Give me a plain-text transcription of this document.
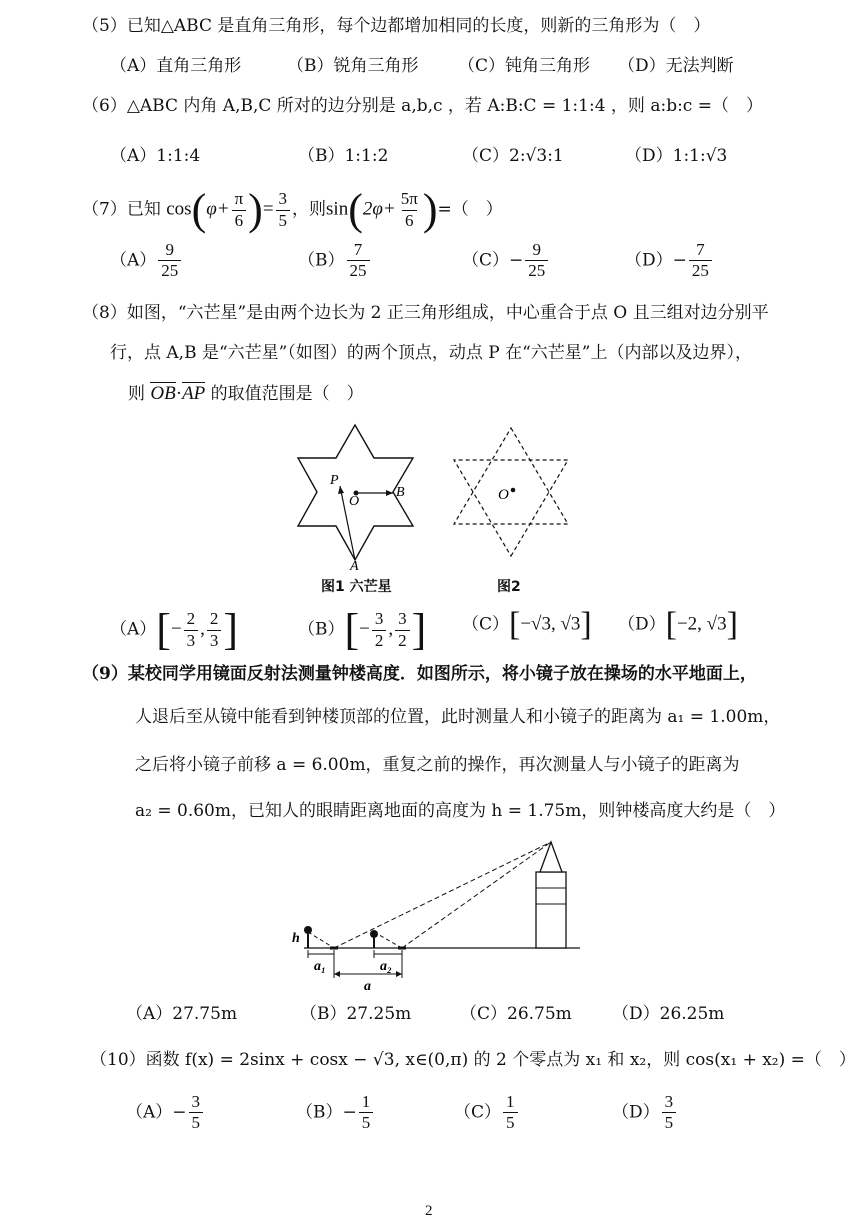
（5）已知△ABC 是直角三角形，每个边都增加相同的长度，则新的三角形为（　）
（A）直角三角形	（B）锐角三角形 （C）钝角三角形 （D）无法判断
（6）△ABC 内角 A,B,C 所对的边分别是 a,b,c ，若 A:B:C = 1:1:4 ，则 a:b:c =（　）
（A）1:1:4	（B）1:1:2	（C）2:√3:1	（D）1:1:√3
（7）已知 $\cos(\varphi+ \frac{\pi}{6}$ )= $\frac{3}{5}$ ，则$\sin(2\varphi+ \frac{5\pi}{6}$ )=（　）
$(A) \frac{9}{25}$	$(B) \frac{7}{25}$	$(C)- \frac{9}{25}$	$(D)- \frac{7}{25}$
（8）如图，“六芒星”是由两个边长为 2 正三角形组成，中心重合于点 O 且三组对边分别平
行，点 A,B 是“六芒星”（如图）的两个顶点，动点 P 在“六芒星”上（内部以及边界），
则 OB·AP 的取值范围是（　）
P
O
B
A
图1 六芒星
O
图2
$(A)[- \frac{2}{3}$ , $\frac{2}{3}$ ]	$(B)[- \frac{3}{2}$ , $\frac{3}{2}$ ] （C）[−√3, √3] （D）[−2, √3]
（9）某校同学用镜面反射法测量钟楼高度．如图所示，将小镜子放在操场的水平地面上，
人退后至从镜中能看到钟楼顶部的位置，此时测量人和小镜子的距离为 a₁ = 1.00m，
之后将小镜子前移 a = 6.00m，重复之前的操作，再次测量人与小镜子的距离为
a₂ = 0.60m，已知人的眼睛距离地面的高度为 h = 1.75m，则钟楼高度大约是（　）
h
a₁	a₂
a
（A）27.75m	（B）27.25m	（C）26.75m （D）26.25m
（10）函数 f(x) = 2sinx + cosx − √3, x∈(0,π) 的 2 个零点为 x₁ 和 x₂，则 cos(x₁ + x₂) =（　）
$(A)- \frac{3}{5}$	$(B)- \frac{1}{5}$	$(C) \frac{1}{5}$	$(D) \frac{3}{5}$
2
